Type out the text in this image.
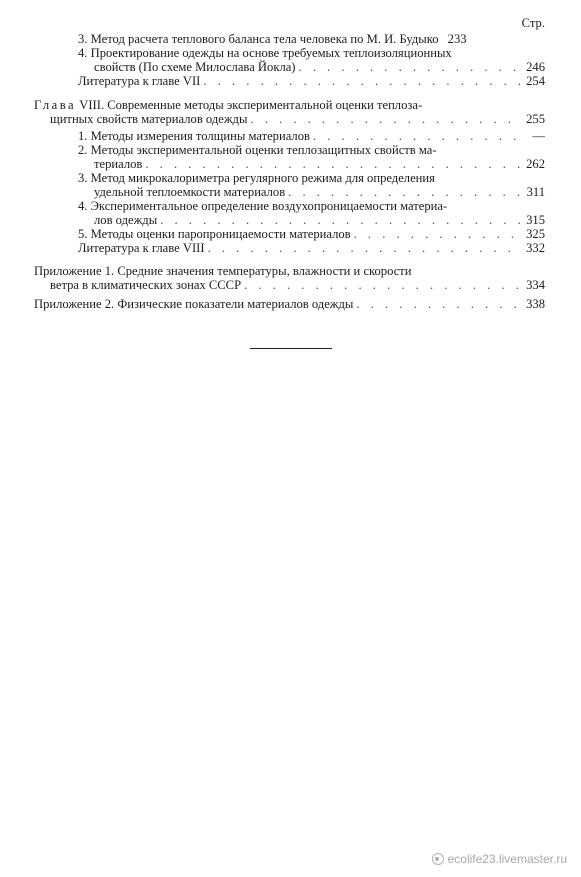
Стр.
3. Метод расчета теплового баланса тела человека по М. И. Будыко 233
4. Проектирование одежды на основе требуемых теплоизоляционных
свойств (По схеме Милослава Йокла) . . .	246
Литература к главе VII . . .	254
Глава VIII. Современные методы экспериментальной оценки теплоза-
щитных свойств материалов одежды . . .	255
1. Методы измерения толщины материалов . . .	—
2. Методы экспериментальной оценки теплозащитных свойств ма-
териалов . . .	262
3. Метод микрокалориметра регулярного режима для определения
удельной теплоемкости материалов . . .	311
4. Экспериментальное определение воздухопроницаемости материа-
лов одежды . . .	315
5. Методы оценки паропроницаемости материалов . . .	325
Литература к главе VIII . . .	332
Приложение 1. Средние значения температуры, влажности и скорости
ветра в климатических зонах СССР . . .	334
Приложение 2. Физические показатели материалов одежды . . .	338
ecolife23.livemaster.ru
